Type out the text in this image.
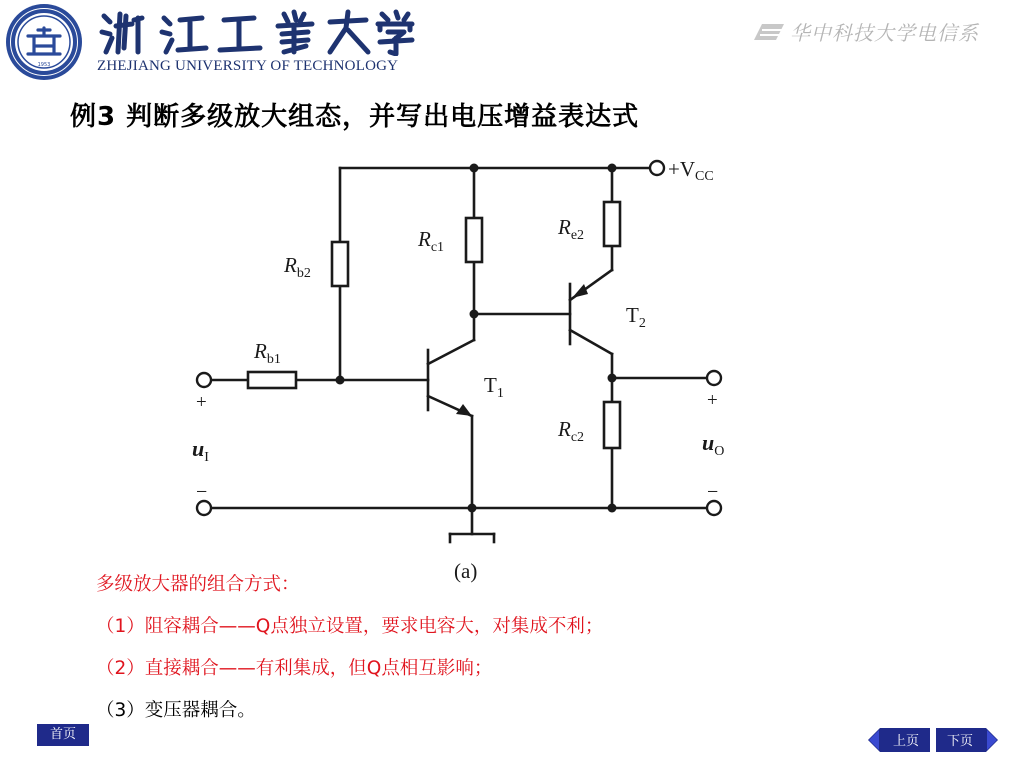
1953	ZHEJIANG UNIVERSITY OF TECHNOLOGY
华中科技大学电信系
例3 判断多级放大组态，并写出电压增益表达式
+VCC
$R_{b2}$
$R_{c1}$
$R_{e2}$
$R_{b1}$
$R_{c2}$
$T_1$
$T_2$
+
$u_I$
−
+
$u_O$
−
(a)
多级放大器的组合方式：
（1）阻容耦合——Q点独立设置，要求电容大，对集成不利；
（2）直接耦合——有利集成，但Q点相互影响；
（3）变压器耦合。
首页	上页 下页
